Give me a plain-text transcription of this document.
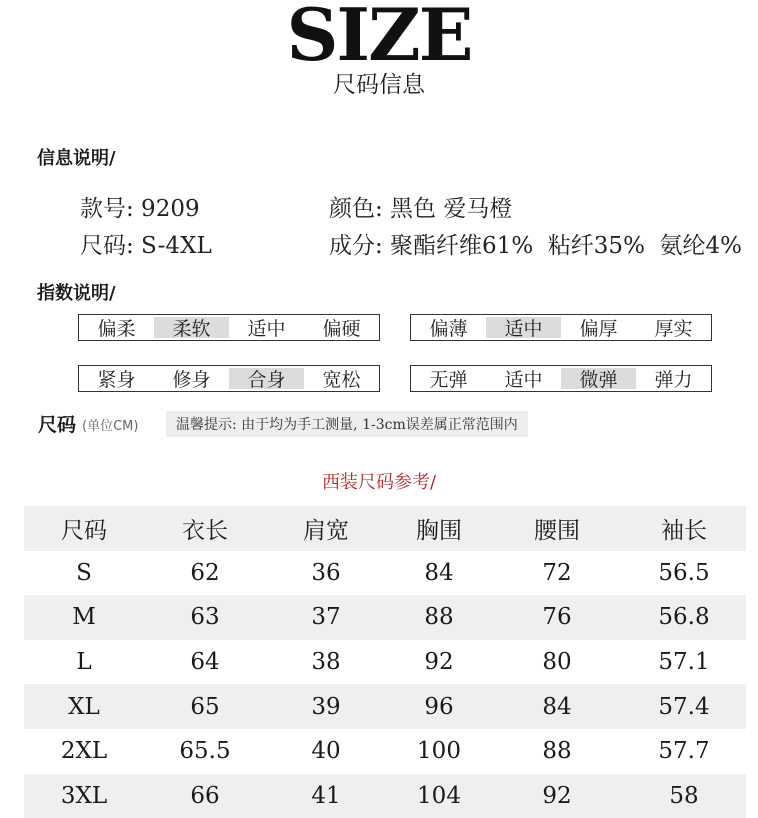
SIZE
尺码信息
信息说明/
款号: 9209	颜色: 黑色 爱马橙
尺码: S-4XL	成分: 聚酯纤维61%  粘纤35%  氨纶4%
指数说明/
偏柔	柔软	适中	偏硬	偏薄	适中	偏厚	厚实
紧身	修身	合身	宽松	无弹	适中	微弹	弹力
尺码 (单位CM)	温馨提示: 由于均为手工测量, 1-3cm误差属正常范围内
西装尺码参考/
尺码	衣长	肩宽	胸围	腰围	袖长
S	62	36	84	72	56.5
M	63	37	88	76	56.8
L	64	38	92	80	57.1
XL	65	39	96	84	57.4
2XL	65.5	40	100	88	57.7
3XL	66	41	104	92	58
